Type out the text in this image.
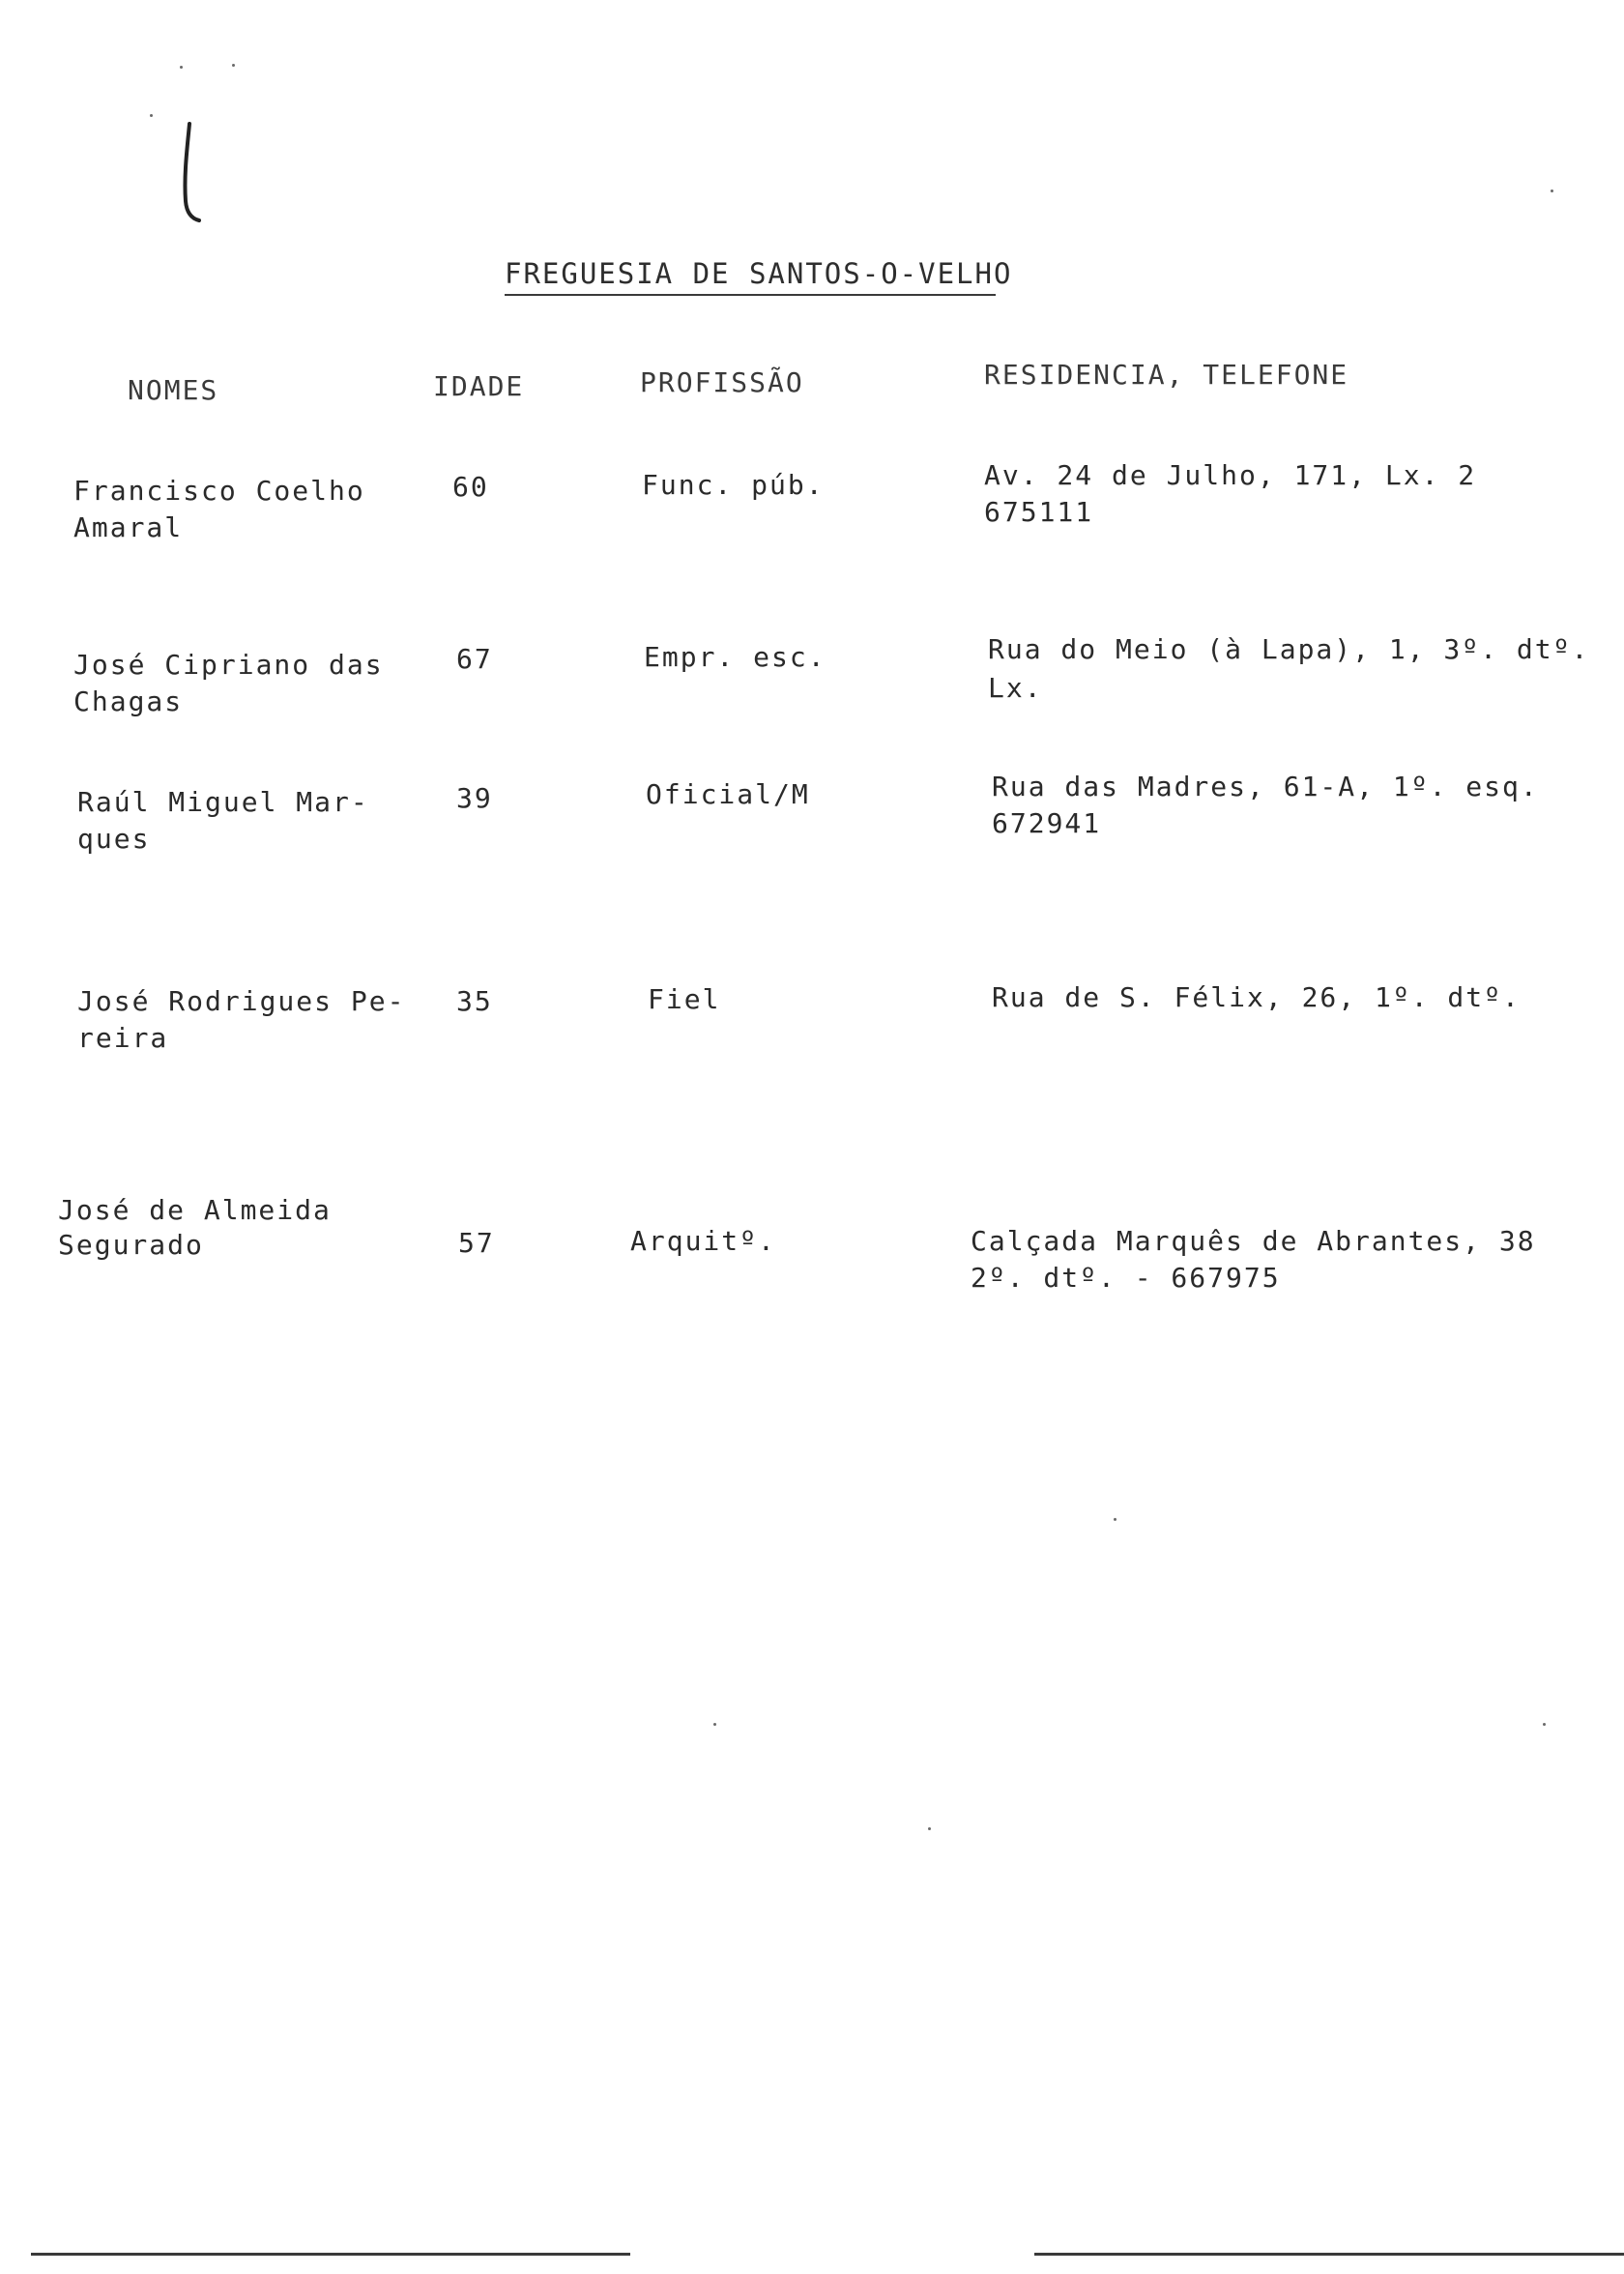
FREGUESIA DE SANTOS-O-VELHO
NOMES	IDADE	PROFISSÃO	RESIDENCIA, TELEFONE
Francisco Coelho
Amaral
60	Func. púb.	Av. 24 de Julho, 171, Lx. 2
675111
José Cipriano das
Chagas
67	Empr. esc.	Rua do Meio (à Lapa), 1, 3º. dtº.
Lx.
Raúl Miguel Mar-
ques
39	Oficial/M	Rua das Madres, 61-A, 1º. esq.
672941
José Rodrigues Pe-
reira
35	Fiel	Rua de S. Félix, 26, 1º. dtº.
José de Almeida
Segurado	57	Arquitº.	Calçada Marquês de Abrantes, 38
2º. dtº. - 667975
